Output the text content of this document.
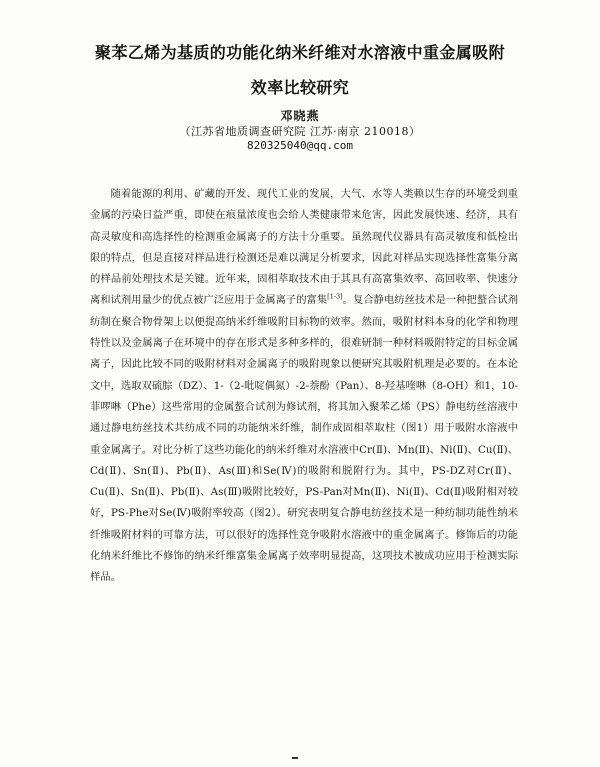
聚苯乙烯为基质的功能化纳米纤维对水溶液中重金属吸附
效率比较研究
邓晓燕
（江苏省地质调查研究院 江苏·南京 210018）
820325040@qq.com

随着能源的利用、矿藏的开发、现代工业的发展，大气、水等人类赖以生存的环境受到重金属的污染日益严重，即使在痕量浓度也会给人类健康带来危害，因此发展快速、经济，具有高灵敏度和高选择性的检测重金属离子的方法十分重要。虽然现代仪器具有高灵敏度和低检出限的特点，但是直接对样品进行检测还是难以满足分析要求，因此对样品实现选择性富集分离的样品前处理技术是关键。近年来，固相萃取技术由于其具有高富集效率、高回收率、快速分离和试剂用量少的优点被广泛应用于金属离子的富集[1-3]。复合静电纺丝技术是一种把螯合试剂纺制在聚合物骨架上以便提高纳米纤维吸附目标物的效率。然而，吸附材料本身的化学和物理特性以及金属离子在环境中的存在形式是多种多样的，很难研制一种材料吸附特定的目标金属离子，因此比较不同的吸附材料对金属离子的吸附现象以便研究其吸附机理是必要的。在本论文中，选取双硫腙（DZ）、1-（2-吡啶偶氮）-2-萘酚（Pan）、8-羟基喹啉（8-OH）和1，10-菲啰啉（Phe）这些常用的金属螯合试剂为修试剂，将其加入聚苯乙烯（PS）静电纺丝溶液中通过静电纺丝技术共纺成不同的功能纳米纤维，制作成固相萃取柱（图1）用于吸附水溶液中重金属离子。对比分析了这些功能化的纳米纤维对水溶液中Cr(Ⅱ)、Mn(Ⅱ)、Ni(Ⅱ)、Cu(Ⅱ)、Cd(Ⅱ)、Sn(Ⅱ)、Pb(Ⅱ)、As(Ⅲ)和Se(Ⅳ)的吸附和脱附行为。其中，PS-DZ对Cr(Ⅱ)、Cu(Ⅱ)、Sn(Ⅱ)、Pb(Ⅱ)、As(Ⅲ)吸附比较好，PS-Pan对Mn(Ⅱ)、Ni(Ⅱ)、Cd(Ⅱ)吸附相对较好，PS-Phe对Se(Ⅳ)吸附率较高（图2）。研究表明复合静电纺丝技术是一种纺制功能性纳米纤维吸附材料的可靠方法，可以很好的选择性竞争吸附水溶液中的重金属离子。修饰后的功能化纳米纤维比不修饰的纳米纤维富集金属离子效率明显提高，这项技术被成功应用于检测实际样品。
